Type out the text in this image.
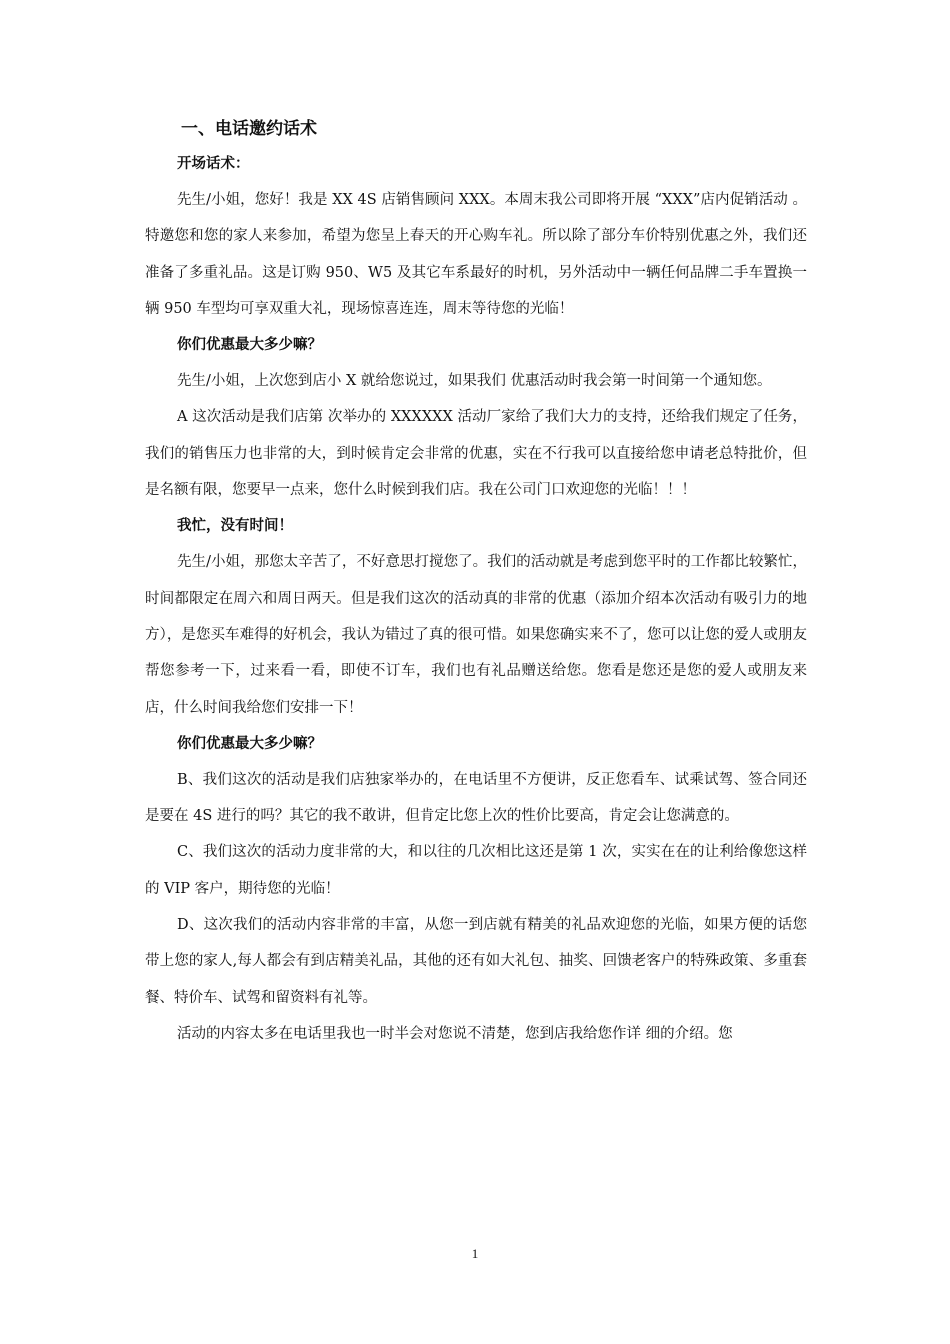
一、电话邀约话术

开场话术：

先生/小姐，您好！我是 XX 4S 店销售顾问 XXX。本周末我公司即将开展 “XXX”店内促销活动 。特邀您和您的家人来参加，希望为您呈上春天的开心购车礼。所以除了部分车价特别优惠之外，我们还准备了多重礼品。这是订购 950、W5 及其它车系最好的时机，另外活动中一辆任何品牌二手车置换一辆 950 车型均可享双重大礼，现场惊喜连连，周末等待您的光临！

你们优惠最大多少嘛？

先生/小姐，上次您到店小 X 就给您说过，如果我们 优惠活动时我会第一时间第一个通知您。

A 这次活动是我们店第 次举办的 XXXXXX 活动厂家给了我们大力的支持，还给我们规定了任务，我们的销售压力也非常的大，到时候肯定会非常的优惠，实在不行我可以直接给您申请老总特批价，但是名额有限，您要早一点来，您什么时候到我们店。我在公司门口欢迎您的光临！！！

我忙，没有时间！

先生/小姐，那您太辛苦了，不好意思打搅您了。我们的活动就是考虑到您平时的工作都比较繁忙，时间都限定在周六和周日两天。但是我们这次的活动真的非常的优惠（添加介绍本次活动有吸引力的地方），是您买车难得的好机会，我认为错过了真的很可惜。如果您确实来不了，您可以让您的爱人或朋友帮您参考一下，过来看一看，即使不订车，我们也有礼品赠送给您。您看是您还是您的爱人或朋友来店，什么时间我给您们安排一下！

你们优惠最大多少嘛？

B、我们这次的活动是我们店独家举办的，在电话里不方便讲，反正您看车、试乘试驾、签合同还是要在 4S 进行的吗？其它的我不敢讲，但肯定比您上次的性价比要高，肯定会让您满意的。

C、我们这次的活动力度非常的大，和以往的几次相比这还是第 1 次，实实在在的让利给像您这样的 VIP 客户，期待您的光临！

D、这次我们的活动内容非常的丰富，从您一到店就有精美的礼品欢迎您的光临，如果方便的话您带上您的家人,每人都会有到店精美礼品，其他的还有如大礼包、抽奖、回馈老客户的特殊政策、多重套餐、特价车、试驾和留资料有礼等。

活动的内容太多在电话里我也一时半会对您说不清楚，您到店我给您作详 细的介绍。您

1
